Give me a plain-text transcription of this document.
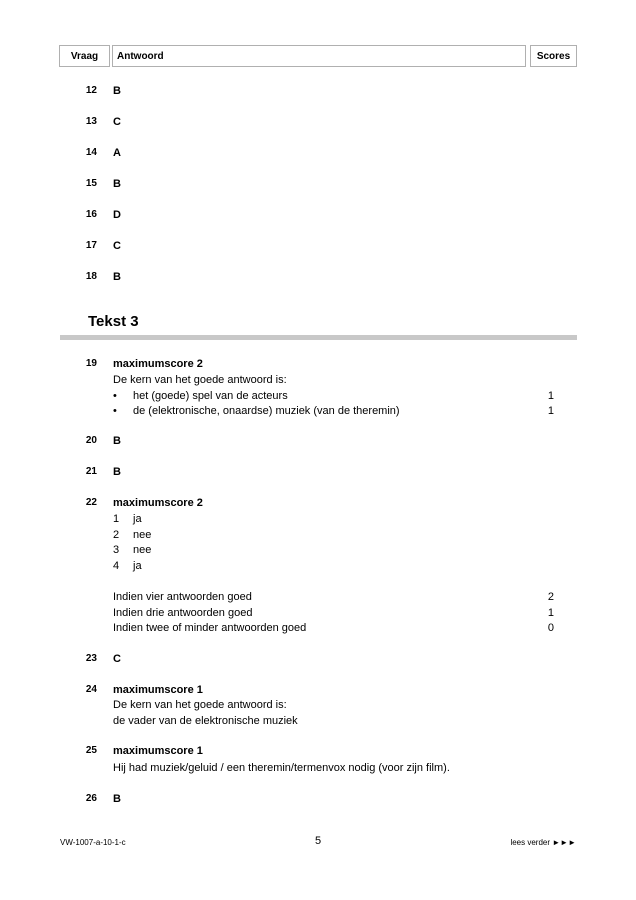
Vraag	Antwoord	Scores
12 B
13 C
14 A
15 B
16 D
17 C
18 B
Tekst 3
19 maximumscore 2
De kern van het goede antwoord is:
• het (goede) spel van de acteurs	1
• de (elektronische, onaardse) muziek (van de theremin)	1
20 B
21 B
22 maximumscore 2
1 ja
2 nee
3 nee
4 ja
Indien vier antwoorden goed	2
Indien drie antwoorden goed	1
Indien twee of minder antwoorden goed	0
23 C
24 maximumscore 1
De kern van het goede antwoord is:
de vader van de elektronische muziek
25 maximumscore 1
Hij had muziek/geluid / een theremin/termenvox nodig (voor zijn film).
26 B
VW-1007-a-10-1-c	5	lees verder ►►►
